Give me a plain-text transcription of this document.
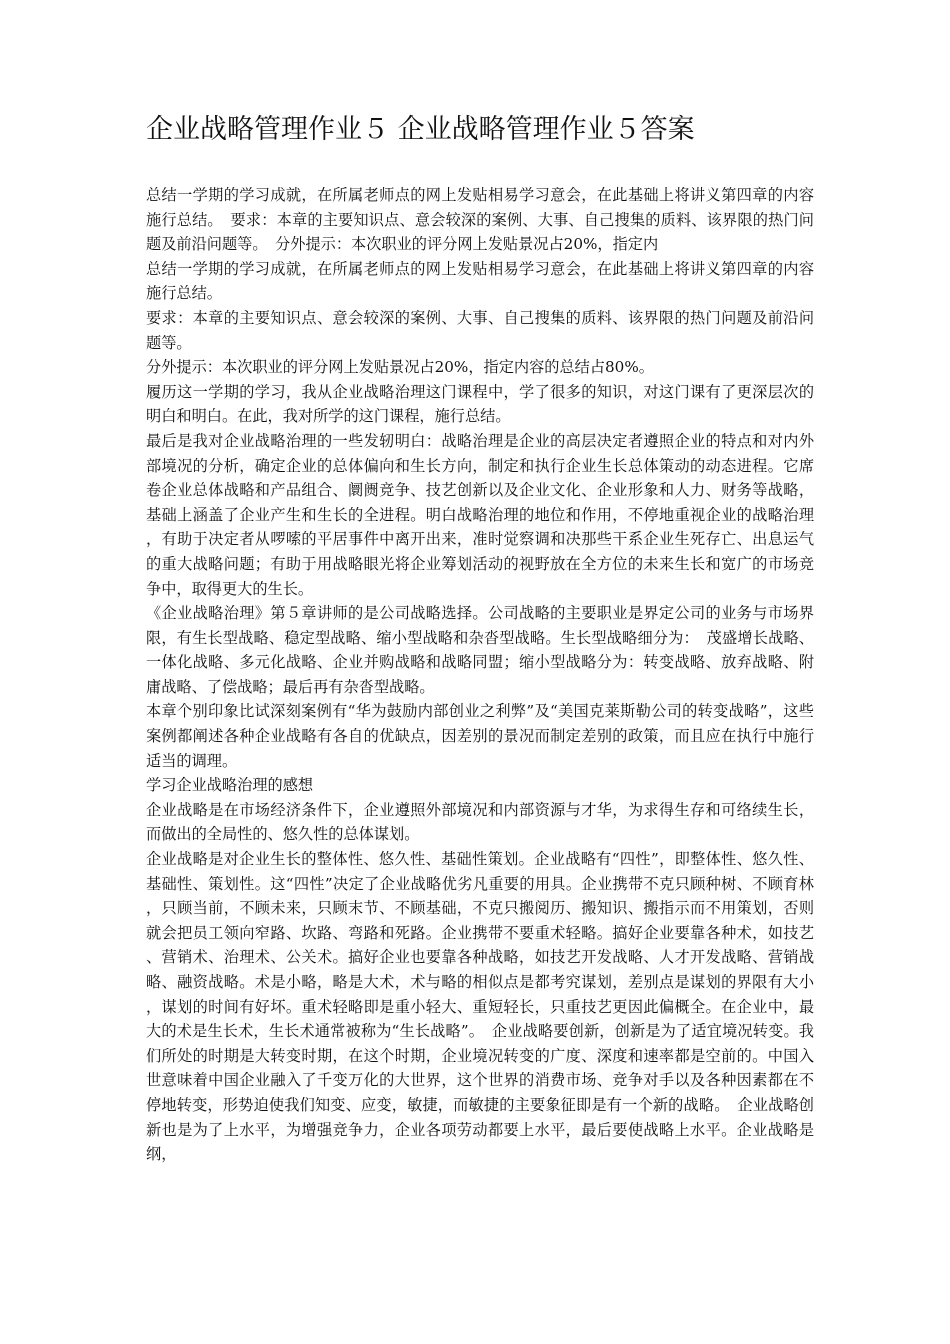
企业战略管理作业５ 企业战略管理作业５答案

总结一学期的学习成就，在所属老师点的网上发贴相易学习意会，在此基础上将讲义第四章的内容施行总结。　要求：本章的主要知识点、意会较深的案例、大事、自己搜集的质料、该界限的热门问题及前沿问题等。　分外提示：本次职业的评分网上发贴景况占20%，指定内

总结一学期的学习成就，在所属老师点的网上发贴相易学习意会，在此基础上将讲义第四章的内容施行总结。

要求：本章的主要知识点、意会较深的案例、大事、自己搜集的质料、该界限的热门问题及前沿问题等。

分外提示：本次职业的评分网上发贴景况占20%，指定内容的总结占80%。

履历这一学期的学习，我从企业战略治理这门课程中，学了很多的知识，对这门课有了更深层次的明白和明白。在此，我对所学的这门课程，施行总结。

最后是我对企业战略治理的一些发轫明白：战略治理是企业的高层决定者遵照企业的特点和对内外部境况的分析，确定企业的总体偏向和生长方向，制定和执行企业生长总体策动的动态进程。它席卷企业总体战略和产品组合、阛阓竞争、技艺创新以及企业文化、企业形象和人力、财务等战略，基础上涵盖了企业产生和生长的全进程。明白战略治理的地位和作用，不停地重视企业的战略治理，有助于决定者从啰嗦的平居事件中离开出来，准时觉察调和决那些干系企业生死存亡、出息运气的重大战略问题；有助于用战略眼光将企业筹划活动的视野放在全方位的未来生长和宽广的市场竞争中，取得更大的生长。

《企业战略治理》第５章讲师的是公司战略选择。公司战略的主要职业是界定公司的业务与市场界限，有生长型战略、稳定型战略、缩小型战略和杂沓型战略。生长型战略细分为：　茂盛增长战略、一体化战略、多元化战略、企业并购战略和战略同盟；缩小型战略分为：转变战略、放弃战略、附庸战略、了偿战略；最后再有杂沓型战略。

本章个别印象比试深刻案例有“华为鼓励内部创业之利弊”及“美国克莱斯勒公司的转变战略”，这些案例都阐述各种企业战略有各自的优缺点，因差别的景况而制定差别的政策，而且应在执行中施行适当的调理。

学习企业战略治理的感想

企业战略是在市场经济条件下，企业遵照外部境况和内部资源与才华，为求得生存和可络续生长，而做出的全局性的、悠久性的总体谋划。

企业战略是对企业生长的整体性、悠久性、基础性策划。企业战略有“四性”，即整体性、悠久性、基础性、策划性。这“四性”决定了企业战略优劣凡重要的用具。企业携带不克只顾种树、不顾育林，只顾当前，不顾未来，只顾末节、不顾基础，不克只搬阅历、搬知识、搬指示而不用策划，否则就会把员工领向窄路、坎路、弯路和死路。企业携带不要重术轻略。搞好企业要靠各种术，如技艺、营销术、治理术、公关术。搞好企业也要靠各种战略，如技艺开发战略、人才开发战略、营销战略、融资战略。术是小略，略是大术，术与略的相似点是都考究谋划，差别点是谋划的界限有大小，谋划的时间有好坏。重术轻略即是重小轻大、重短轻长，只重技艺更因此偏概全。在企业中，最大的术是生长术，生长术通常被称为“生长战略”。　企业战略要创新，创新是为了适宜境况转变。我们所处的时期是大转变时期，在这个时期，企业境况转变的广度、深度和速率都是空前的。中国入世意味着中国企业融入了千变万化的大世界，这个世界的消费市场、竞争对手以及各种因素都在不停地转变，形势迫使我们知变、应变，敏捷，而敏捷的主要象征即是有一个新的战略。　企业战略创新也是为了上水平，为增强竞争力，企业各项劳动都要上水平，最后要使战略上水平。企业战略是纲，
